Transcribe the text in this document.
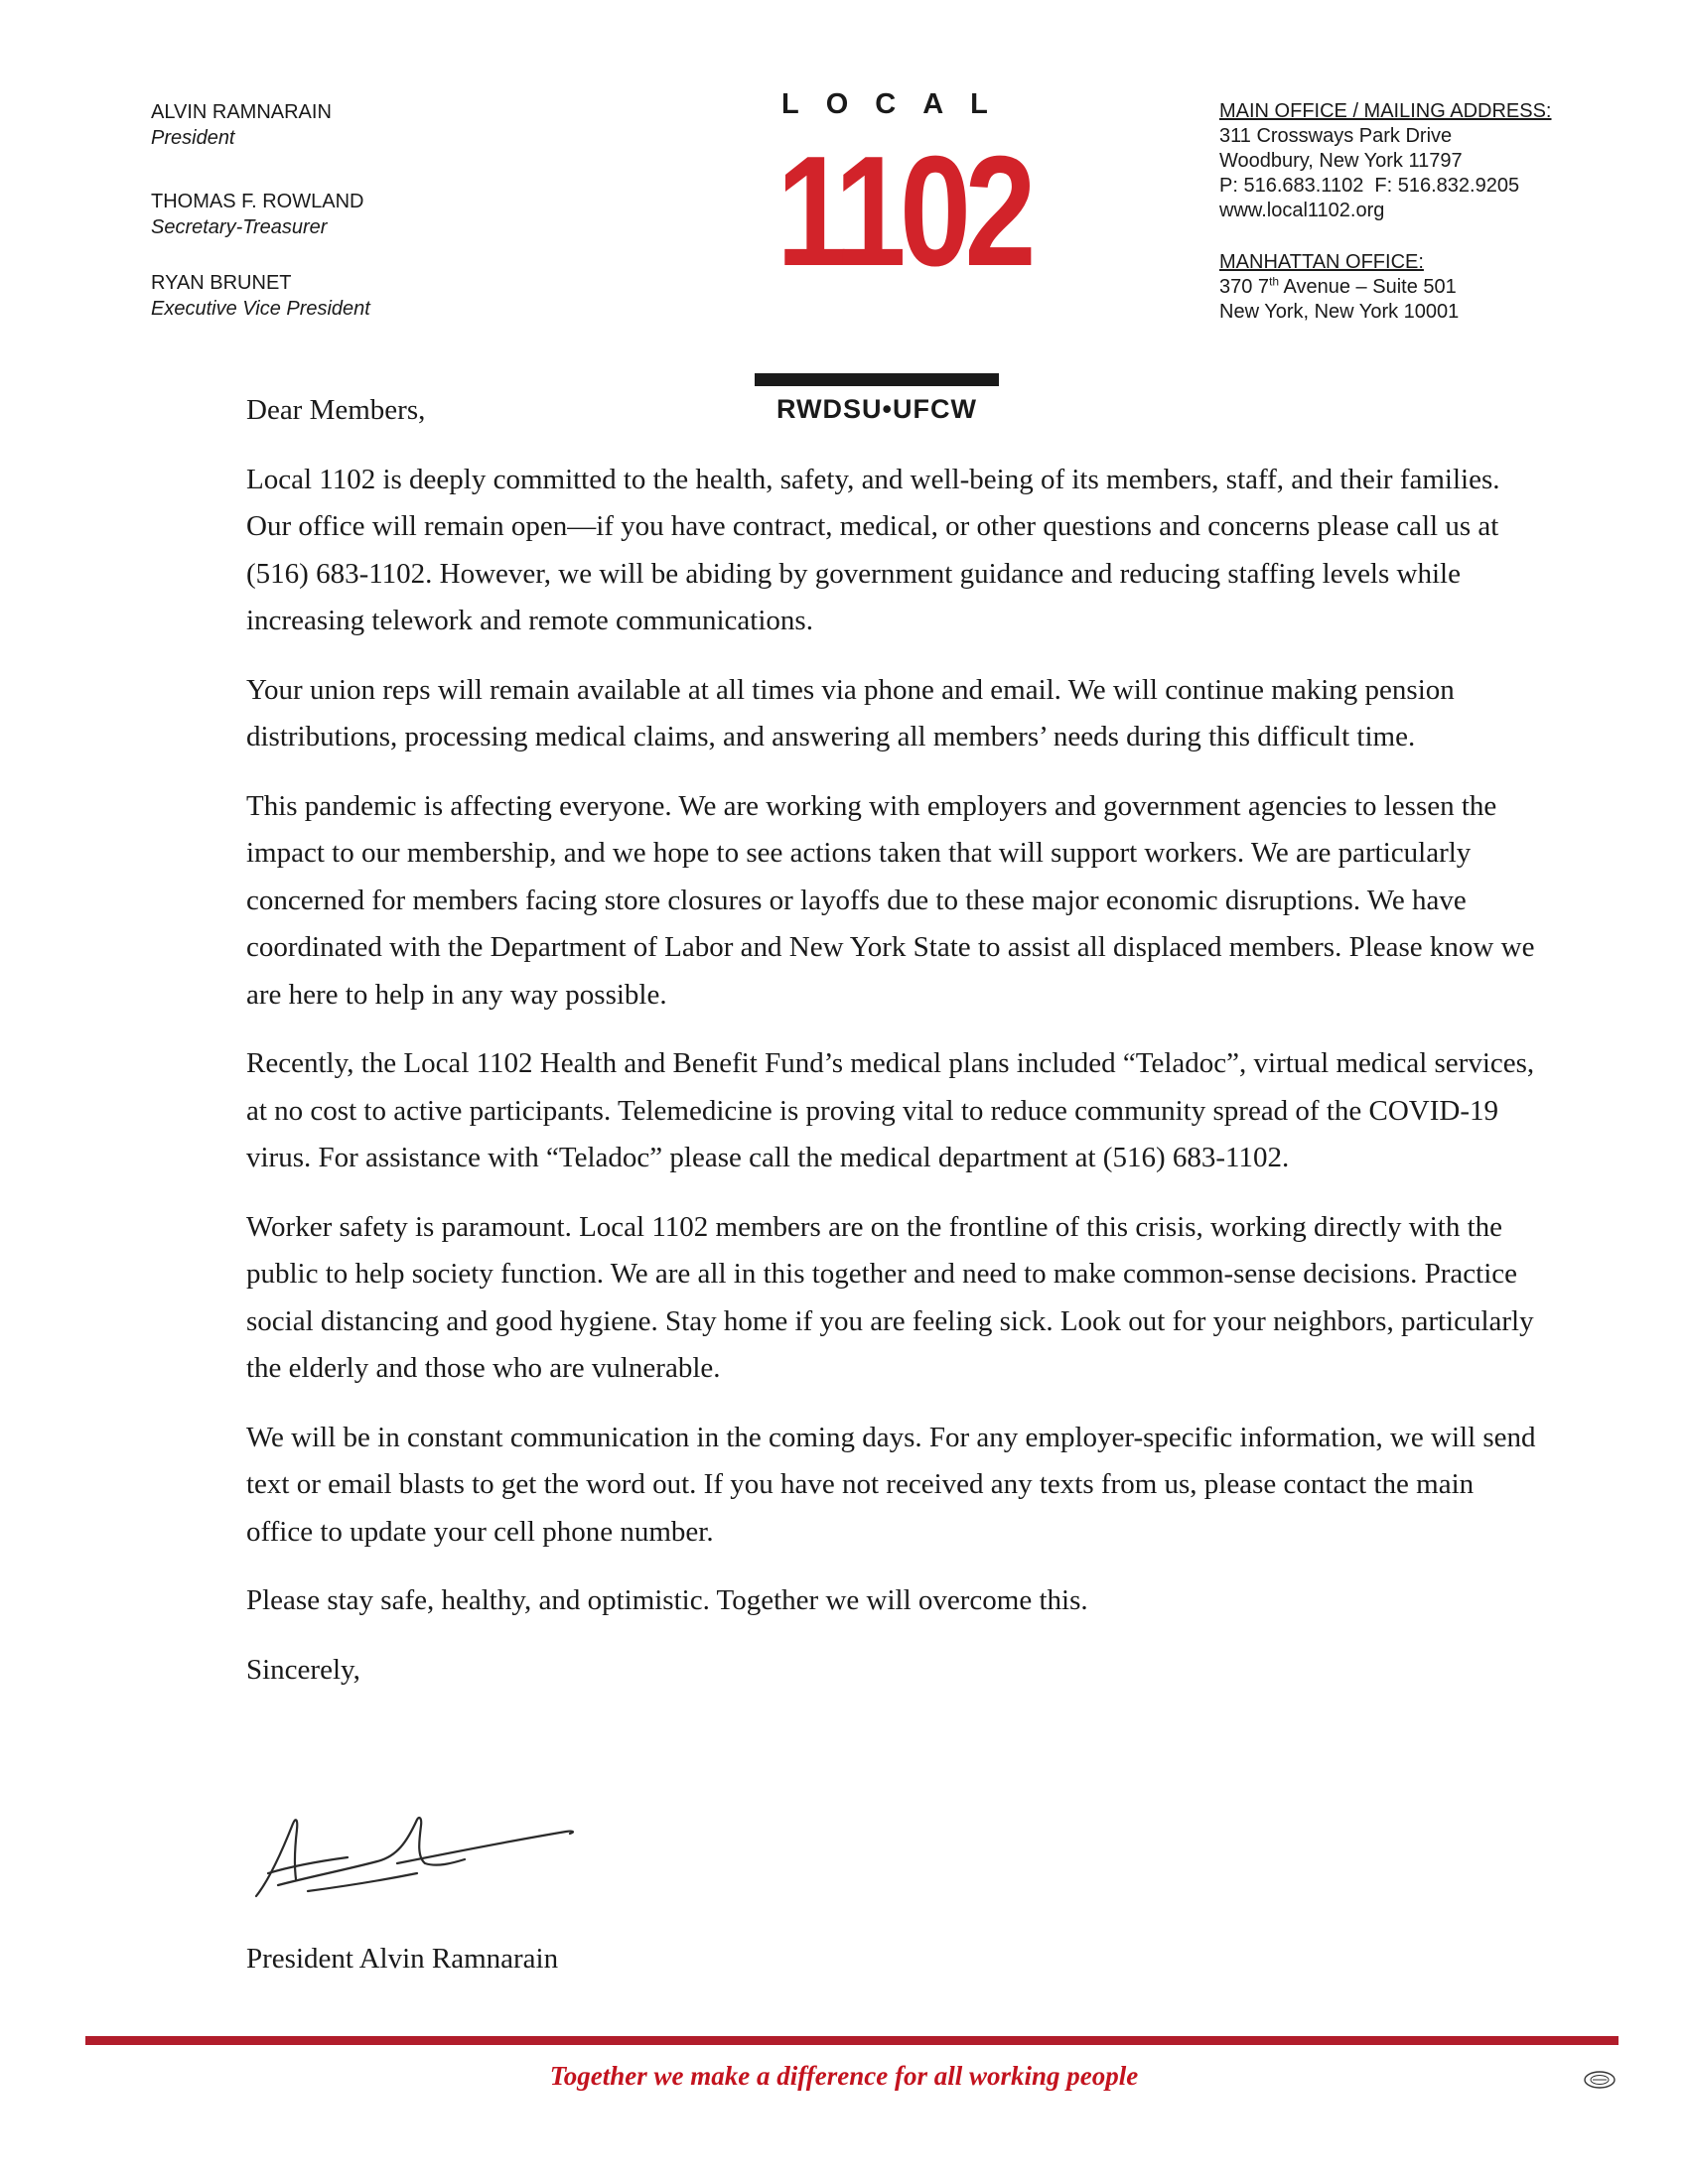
ALVIN RAMNARAIN
President
THOMAS F. ROWLAND
Secretary-Treasurer
RYAN BRUNET
Executive Vice President
LOCAL
1102
RWDSU•UFCW
MAIN OFFICE / MAILING ADDRESS:
311 Crossways Park Drive
Woodbury, New York 11797
P: 516.683.1102  F: 516.832.9205
www.local1102.org
MANHATTAN OFFICE:
370 7th Avenue – Suite 501
New York, New York 10001

Dear Members,

Local 1102 is deeply committed to the health, safety, and well-being of its members, staff, and their families. Our office will remain open—if you have contract, medical, or other questions and concerns please call us at (516) 683-1102. However, we will be abiding by government guidance and reducing staffing levels while increasing telework and remote communications.

Your union reps will remain available at all times via phone and email. We will continue making pension distributions, processing medical claims, and answering all members’ needs during this difficult time.

This pandemic is affecting everyone. We are working with employers and government agencies to lessen the impact to our membership, and we hope to see actions taken that will support workers. We are particularly concerned for members facing store closures or layoffs due to these major economic disruptions. We have coordinated with the Department of Labor and New York State to assist all displaced members. Please know we are here to help in any way possible.

Recently, the Local 1102 Health and Benefit Fund’s medical plans included “Teladoc”, virtual medical services, at no cost to active participants. Telemedicine is proving vital to reduce community spread of the COVID-19 virus. For assistance with “Teladoc” please call the medical department at (516) 683-1102.

Worker safety is paramount. Local 1102 members are on the frontline of this crisis, working directly with the public to help society function. We are all in this together and need to make common-sense decisions. Practice social distancing and good hygiene. Stay home if you are feeling sick. Look out for your neighbors, particularly the elderly and those who are vulnerable.

We will be in constant communication in the coming days. For any employer-specific information, we will send text or email blasts to get the word out. If you have not received any texts from us, please contact the main office to update your cell phone number.

Please stay safe, healthy, and optimistic. Together we will overcome this.

Sincerely,

President Alvin Ramnarain
Together we make a difference for all working people
